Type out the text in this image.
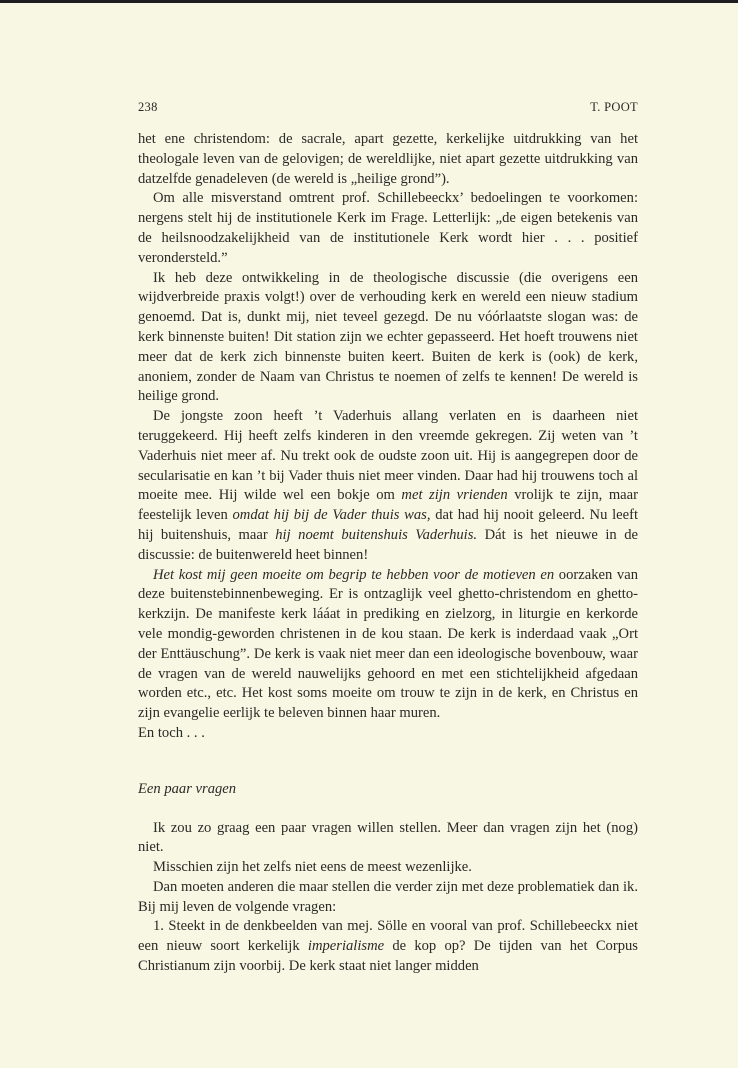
238	T. POOT

het ene christendom: de sacrale, apart gezette, kerkelijke uitdrukking van het theologale leven van de gelovigen; de wereldlijke, niet apart gezette uitdrukking van datzelfde genadeleven (de wereld is „heilige grond”).

Om alle misverstand omtrent prof. Schillebeeckx’ bedoelingen te voorkomen: nergens stelt hij de institutionele Kerk im Frage. Letterlijk: „de eigen betekenis van de heilsnoodzakelijkheid van de institutionele Kerk wordt hier . . . positief verondersteld.”

Ik heb deze ontwikkeling in de theologische discussie (die overigens een wijdverbreide praxis volgt!) over de verhouding kerk en wereld een nieuw stadium genoemd. Dat is, dunkt mij, niet teveel gezegd. De nu vóórlaatste slogan was: de kerk binnenste buiten! Dit station zijn we echter gepasseerd. Het hoeft trouwens niet meer dat de kerk zich binnenste buiten keert. Buiten de kerk is (ook) de kerk, anoniem, zonder de Naam van Christus te noemen of zelfs te kennen! De wereld is heilige grond.

De jongste zoon heeft ’t Vaderhuis allang verlaten en is daarheen niet teruggekeerd. Hij heeft zelfs kinderen in den vreemde gekregen. Zij weten van ’t Vaderhuis niet meer af. Nu trekt ook de oudste zoon uit. Hij is aangegrepen door de secularisatie en kan ’t bij Vader thuis niet meer vinden. Daar had hij trouwens toch al moeite mee. Hij wilde wel een bokje om met zijn vrienden vrolijk te zijn, maar feestelijk leven omdat hij bij de Vader thuis was, dat had hij nooit geleerd. Nu leeft hij buitenshuis, maar hij noemt buitenshuis Vaderhuis. Dát is het nieuwe in de discussie: de buitenwereld heet binnen!

Het kost mij geen moeite om begrip te hebben voor de motieven en oorzaken van deze buitenstebinnenbeweging. Er is ontzaglijk veel ghetto-christendom en ghetto-kerkzijn. De manifeste kerk lááat in prediking en zielzorg, in liturgie en kerkorde vele mondig-geworden christenen in de kou staan. De kerk is inderdaad vaak „Ort der Enttäuschung”. De kerk is vaak niet meer dan een ideologische bovenbouw, waar de vragen van de wereld nauwelijks gehoord en met een stichtelijkheid afgedaan worden etc., etc. Het kost soms moeite om trouw te zijn in de kerk, en Christus en zijn evangelie eerlijk te beleven binnen haar muren.

En toch . . .

Een paar vragen

Ik zou zo graag een paar vragen willen stellen. Meer dan vragen zijn het (nog) niet.

Misschien zijn het zelfs niet eens de meest wezenlijke.

Dan moeten anderen die maar stellen die verder zijn met deze problematiek dan ik. Bij mij leven de volgende vragen:

1. Steekt in de denkbeelden van mej. Sölle en vooral van prof. Schillebeeckx niet een nieuw soort kerkelijk imperialisme de kop op? De tijden van het Corpus Christianum zijn voorbij. De kerk staat niet langer midden
